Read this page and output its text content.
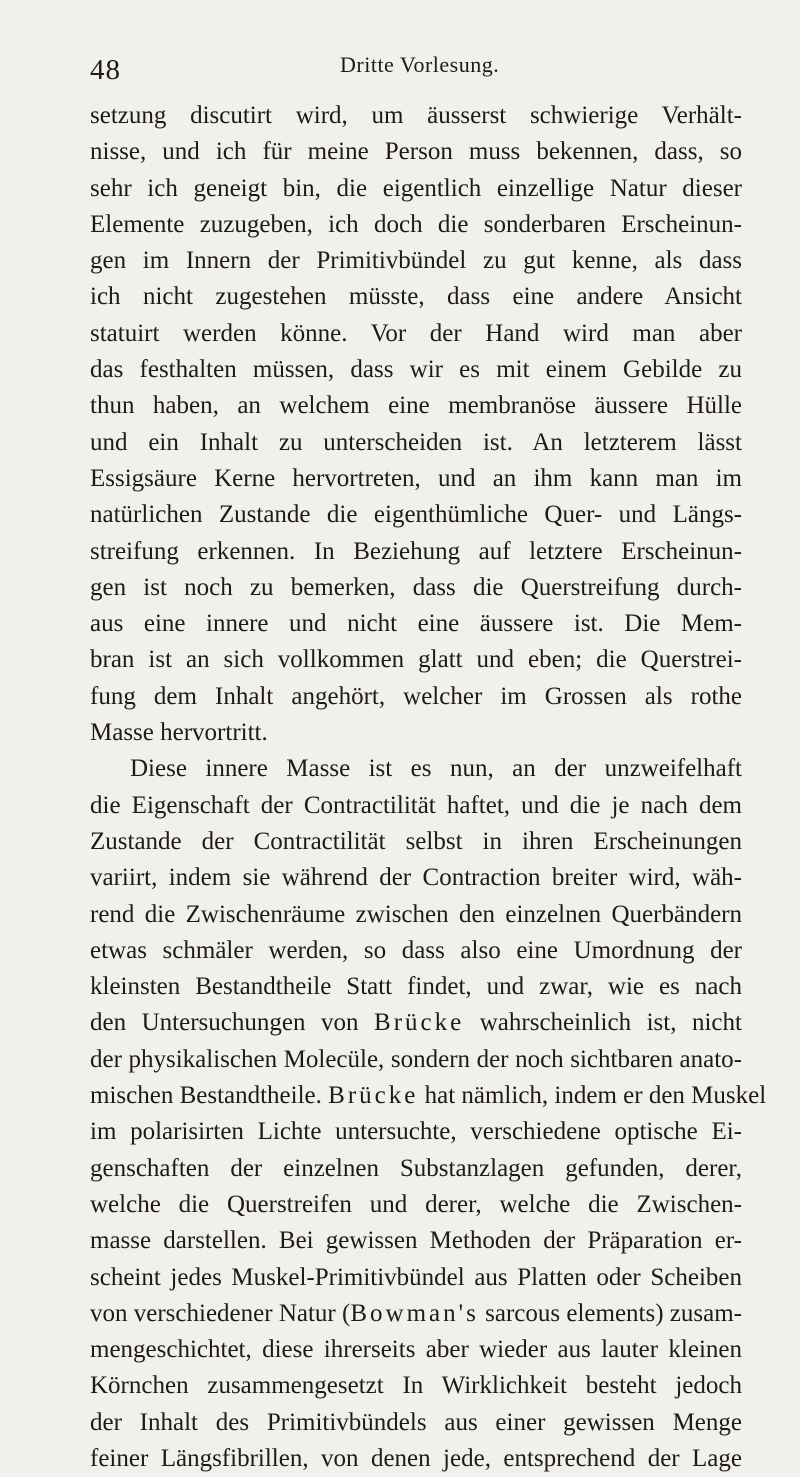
48	Dritte Vorlesung.
setzung discutirt wird, um äusserst schwierige Verhält-
nisse, und ich für meine Person muss bekennen, dass, so
sehr ich geneigt bin, die eigentlich einzellige Natur dieser
Elemente zuzugeben, ich doch die sonderbaren Erscheinun-
gen im Innern der Primitivbündel zu gut kenne, als dass
ich nicht zugestehen müsste, dass eine andere Ansicht
statuirt werden könne. Vor der Hand wird man aber
das festhalten müssen, dass wir es mit einem Gebilde zu
thun haben, an welchem eine membranöse äussere Hülle
und ein Inhalt zu unterscheiden ist. An letzterem lässt
Essigsäure Kerne hervortreten, und an ihm kann man im
natürlichen Zustande die eigenthümliche Quer- und Längs-
streifung erkennen. In Beziehung auf letztere Erscheinun-
gen ist noch zu bemerken, dass die Querstreifung durch-
aus eine innere und nicht eine äussere ist. Die Mem-
bran ist an sich vollkommen glatt und eben; die Querstrei-
fung dem Inhalt angehört, welcher im Grossen als rothe
Masse hervortritt.
Diese innere Masse ist es nun, an der unzweifelhaft
die Eigenschaft der Contractilität haftet, und die je nach dem
Zustande der Contractilität selbst in ihren Erscheinungen
variirt, indem sie während der Contraction breiter wird, wäh-
rend die Zwischenräume zwischen den einzelnen Querbändern
etwas schmäler werden, so dass also eine Umordnung der
kleinsten Bestandtheile Statt findet, und zwar, wie es nach
den Untersuchungen von Brücke wahrscheinlich ist, nicht
der physikalischen Molecüle, sondern der noch sichtbaren anato-
mischen Bestandtheile. Brücke hat nämlich, indem er den Muskel
im polarisirten Lichte untersuchte, verschiedene optische Ei-
genschaften der einzelnen Substanzlagen gefunden, derer,
welche die Querstreifen und derer, welche die Zwischen-
masse darstellen. Bei gewissen Methoden der Präparation er-
scheint jedes Muskel-Primitivbündel aus Platten oder Scheiben
von verschiedener Natur (Bowman's sarcous elements) zusam-
mengeschichtet, diese ihrerseits aber wieder aus lauter kleinen
Körnchen zusammengesetzt In Wirklichkeit besteht jedoch
der Inhalt des Primitivbündels aus einer gewissen Menge
feiner Längsfibrillen, von denen jede, entsprechend der Lage
